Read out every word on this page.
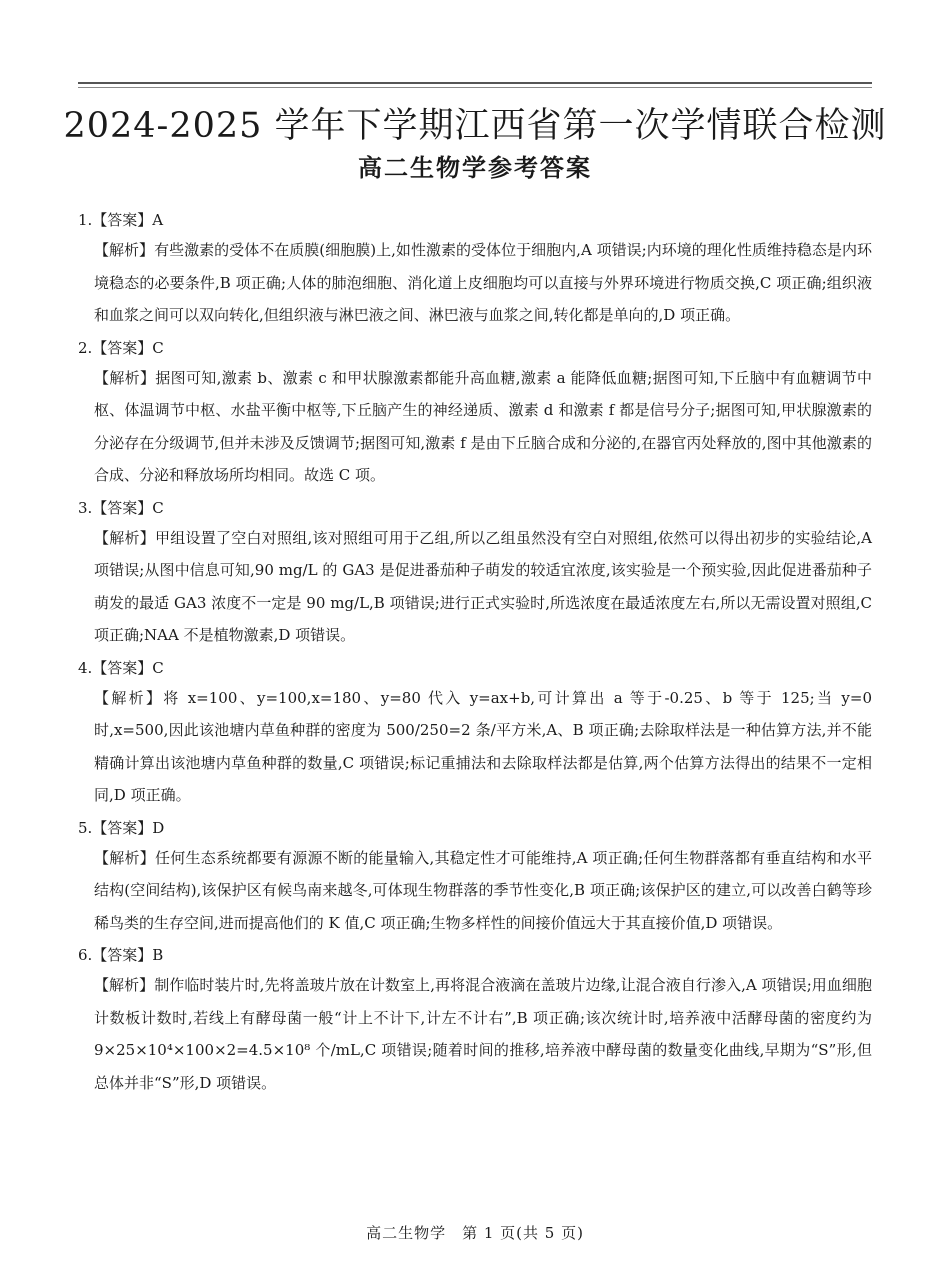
2024-2025 学年下学期江西省第一次学情联合检测
高二生物学参考答案
1.【答案】A
【解析】有些激素的受体不在质膜(细胞膜)上,如性激素的受体位于细胞内,A 项错误;内环境的理化性质维持稳态是内环境稳态的必要条件,B 项正确;人体的肺泡细胞、消化道上皮细胞均可以直接与外界环境进行物质交换,C 项正确;组织液和血浆之间可以双向转化,但组织液与淋巴液之间、淋巴液与血浆之间,转化都是单向的,D 项正确。
2.【答案】C
【解析】据图可知,激素 b、激素 c 和甲状腺激素都能升高血糖,激素 a 能降低血糖;据图可知,下丘脑中有血糖调节中枢、体温调节中枢、水盐平衡中枢等,下丘脑产生的神经递质、激素 d 和激素 f 都是信号分子;据图可知,甲状腺激素的分泌存在分级调节,但并未涉及反馈调节;据图可知,激素 f 是由下丘脑合成和分泌的,在器官丙处释放的,图中其他激素的合成、分泌和释放场所均相同。故选 C 项。
3.【答案】C
【解析】甲组设置了空白对照组,该对照组可用于乙组,所以乙组虽然没有空白对照组,依然可以得出初步的实验结论,A 项错误;从图中信息可知,90 mg/L 的 GA3 是促进番茄种子萌发的较适宜浓度,该实验是一个预实验,因此促进番茄种子萌发的最适 GA3 浓度不一定是 90 mg/L,B 项错误;进行正式实验时,所选浓度在最适浓度左右,所以无需设置对照组,C 项正确;NAA 不是植物激素,D 项错误。
4.【答案】C
【解析】将 x=100、y=100,x=180、y=80 代入 y=ax+b,可计算出 a 等于-0.25、b 等于 125;当 y=0 时,x=500,因此该池塘内草鱼种群的密度为 500/250=2 条/平方米,A、B 项正确;去除取样法是一种估算方法,并不能精确计算出该池塘内草鱼种群的数量,C 项错误;标记重捕法和去除取样法都是估算,两个估算方法得出的结果不一定相同,D 项正确。
5.【答案】D
【解析】任何生态系统都要有源源不断的能量输入,其稳定性才可能维持,A 项正确;任何生物群落都有垂直结构和水平结构(空间结构),该保护区有候鸟南来越冬,可体现生物群落的季节性变化,B 项正确;该保护区的建立,可以改善白鹤等珍稀鸟类的生存空间,进而提高他们的 K 值,C 项正确;生物多样性的间接价值远大于其直接价值,D 项错误。
6.【答案】B
【解析】制作临时装片时,先将盖玻片放在计数室上,再将混合液滴在盖玻片边缘,让混合液自行渗入,A 项错误;用血细胞计数板计数时,若线上有酵母菌一般“计上不计下,计左不计右”,B 项正确;该次统计时,培养液中活酵母菌的密度约为 9×25×10⁴×100×2=4.5×10⁸ 个/mL,C 项错误;随着时间的推移,培养液中酵母菌的数量变化曲线,早期为“S”形,但总体并非“S”形,D 项错误。
高二生物学　第 1 页(共 5 页)
